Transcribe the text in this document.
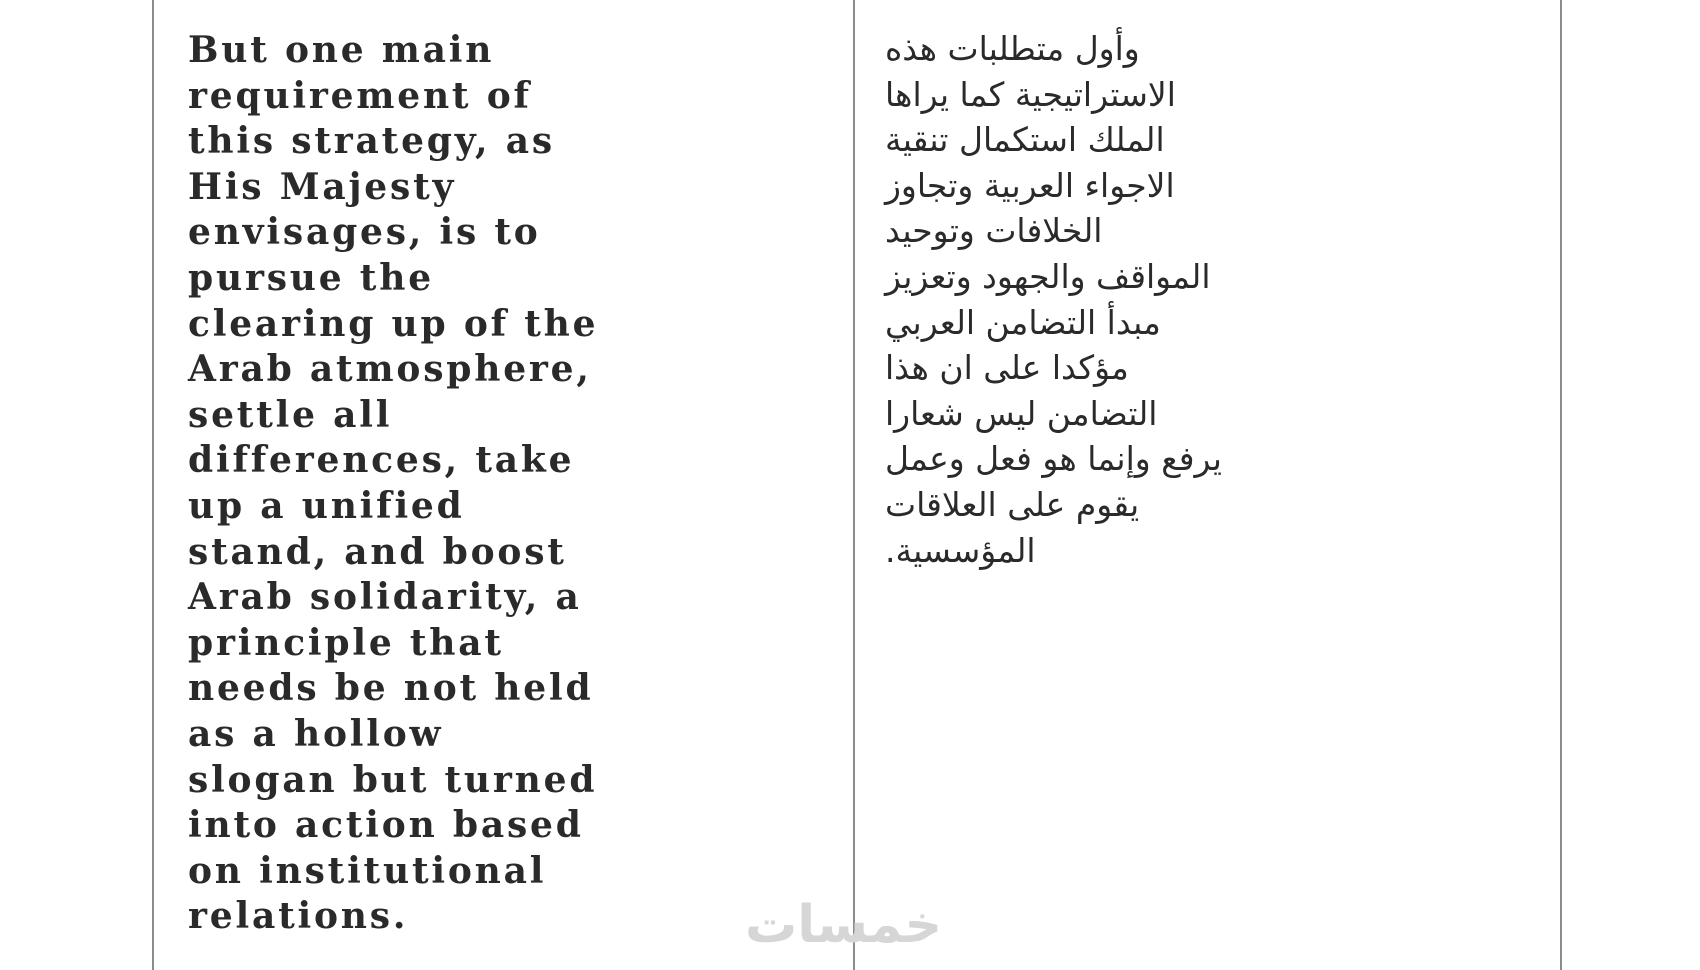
But one main
requirement of
this strategy, as
His Majesty
envisages, is to
pursue the
clearing up of the
Arab atmosphere,
settle all
differences, take
up a unified
stand, and boost
Arab solidarity, a
principle that
needs be not held
as a hollow
slogan but turned
into action based
on institutional
relations.
وأول متطلبات هذه
الاستراتيجية كما يراها
الملك استكمال تنقية
الاجواء العربية وتجاوز
الخلافات وتوحيد
المواقف والجهود وتعزيز
مبدأ التضامن العربي
مؤكدا على ان هذا
التضامن ليس شعارا
يرفع وإنما هو فعل وعمل
يقوم على العلاقات
المؤسسية.
خمسات
